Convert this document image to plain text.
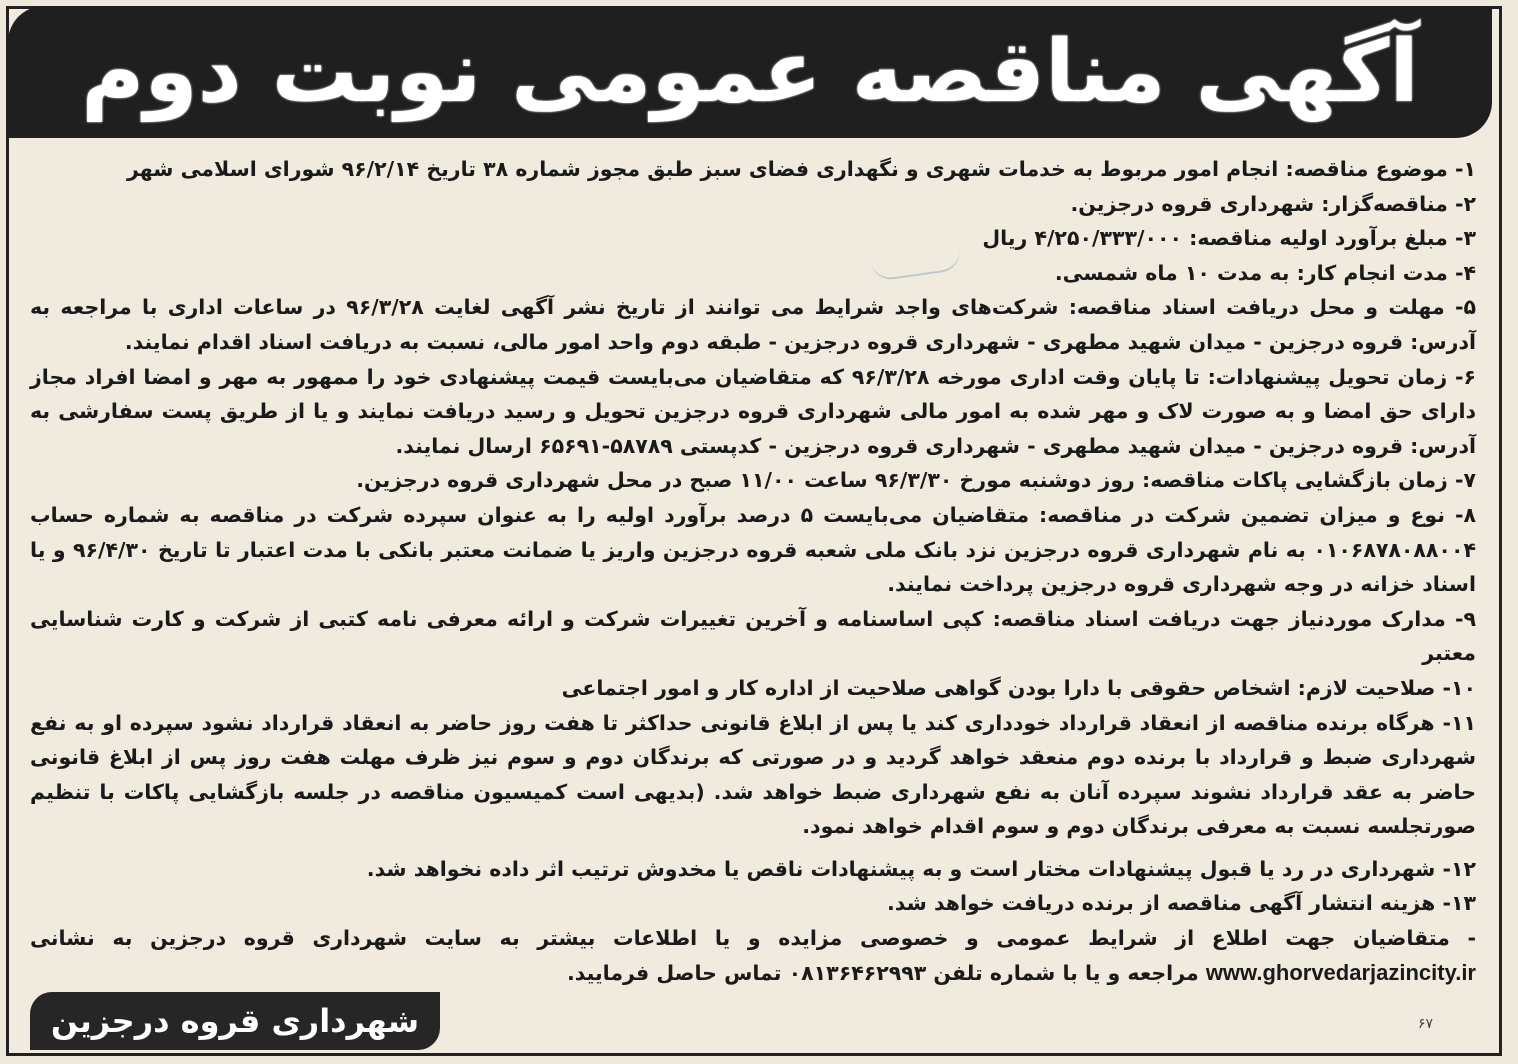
آگهی مناقصه عمومی نوبت دوم

۱- موضوع مناقصه: انجام امور مربوط به خدمات شهری و نگهداری فضای سبز طبق مجوز شماره ۳۸ تاریخ ۹۶/۲/۱۴ شورای اسلامی شهر

۲- مناقصه‌گزار: شهرداری قروه درجزین.

۳- مبلغ برآورد اولیه مناقصه: ۴/۲۵۰/۳۳۳/۰۰۰ ریال

۴- مدت انجام کار: به مدت ۱۰ ماه شمسی.

۵- مهلت و محل دریافت اسناد مناقصه: شرکت‌های واجد شرایط می توانند از تاریخ نشر آگهی لغایت ۹۶/۳/۲۸ در ساعات اداری با مراجعه به آدرس: قروه درجزین - میدان شهید مطهری - شهرداری قروه درجزین - طبقه دوم واحد امور مالی، نسبت به دریافت اسناد اقدام نمایند.

۶- زمان تحویل پیشنهادات: تا پایان وقت اداری مورخه ۹۶/۳/۲۸ که متقاضیان می‌بایست قیمت پیشنهادی خود را ممهور به مهر و امضا افراد مجاز دارای حق امضا و به صورت لاک و مهر شده به امور مالی شهرداری قروه درجزین تحویل و رسید دریافت نمایند و یا از طریق پست سفارشی به آدرس: قروه درجزین - میدان شهید مطهری - شهرداری قروه درجزین - کدپستی ۵۸۷۸۹-۶۵۶۹۱ ارسال نمایند.

۷- زمان بازگشایی پاکات مناقصه: روز دوشنبه مورخ ۹۶/۳/۳۰ ساعت ۱۱/۰۰ صبح در محل شهرداری قروه درجزین.

۸- نوع و میزان تضمین شرکت در مناقصه: متقاضیان می‌بایست ۵ درصد برآورد اولیه را به عنوان سپرده شرکت در مناقصه به شماره حساب ۰۱۰۶۸۷۸۰۸۸۰۰۴ به نام شهرداری قروه درجزین نزد بانک ملی شعبه قروه درجزین واریز یا ضمانت معتبر بانکی با مدت اعتبار تا تاریخ ۹۶/۴/۳۰ و یا اسناد خزانه در وجه شهرداری قروه درجزین پرداخت نمایند.

۹- مدارک موردنیاز جهت دریافت اسناد مناقصه: کپی اساسنامه و آخرین تغییرات شرکت و ارائه معرفی نامه کتبی از شرکت و کارت شناسایی معتبر

۱۰- صلاحیت لازم: اشخاص حقوقی با دارا بودن گواهی صلاحیت از اداره کار و امور اجتماعی

۱۱- هرگاه برنده مناقصه از انعقاد قرارداد خودداری کند یا پس از ابلاغ قانونی حداکثر تا هفت روز حاضر به انعقاد قرارداد نشود سپرده او به نفع شهرداری ضبط و قرارداد با برنده دوم منعقد خواهد گردید و در صورتی که برندگان دوم و سوم نیز ظرف مهلت هفت روز پس از ابلاغ قانونی حاضر به عقد قرارداد نشوند سپرده آنان به نفع شهرداری ضبط خواهد شد. (بدیهی است کمیسیون مناقصه در جلسه بازگشایی پاکات با تنظیم صورتجلسه نسبت به معرفی برندگان دوم و سوم اقدام خواهد نمود.

۱۲- شهرداری در رد یا قبول پیشنهادات مختار است و به پیشنهادات ناقص یا مخدوش ترتیب اثر داده نخواهد شد.

۱۳- هزینه انتشار آگهی مناقصه از برنده دریافت خواهد شد.

- متقاضیان جهت اطلاع از شرایط عمومی و خصوصی مزایده و یا اطلاعات بیشتر به سایت شهرداری قروه درجزین به نشانی www.ghorvedarjazincity.ir مراجعه و یا با شماره تلفن ۰۸۱۳۶۴۶۲۹۹۳ تماس حاصل فرمایید.

شهرداری قروه درجزین	۶۷
